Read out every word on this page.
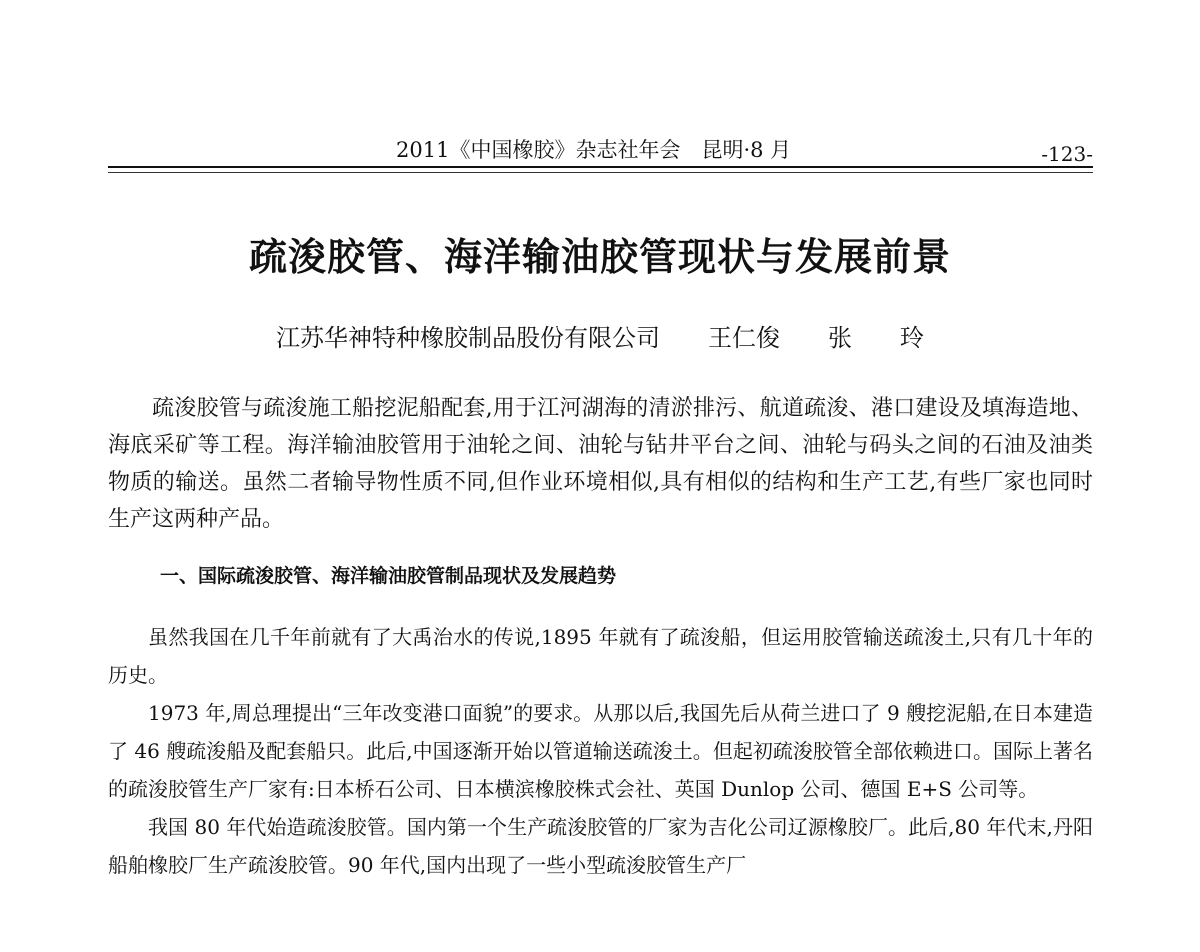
2011《中国橡胶》杂志社年会　昆明·8 月	-123-
疏浚胶管、海洋输油胶管现状与发展前景
江苏华神特种橡胶制品股份有限公司　　王仁俊　　张　　玲

疏浚胶管与疏浚施工船挖泥船配套,用于江河湖海的清淤排污、航道疏浚、港口建设及填海造地、海底采矿等工程。海洋输油胶管用于油轮之间、油轮与钻井平台之间、油轮与码头之间的石油及油类物质的输送。虽然二者输导物性质不同,但作业环境相似,具有相似的结构和生产工艺,有些厂家也同时生产这两种产品。

一、国际疏浚胶管、海洋输油胶管制品现状及发展趋势

虽然我国在几千年前就有了大禹治水的传说,1895 年就有了疏浚船，但运用胶管输送疏浚土,只有几十年的历史。

1973 年,周总理提出“三年改变港口面貌”的要求。从那以后,我国先后从荷兰进口了 9 艘挖泥船,在日本建造了 46 艘疏浚船及配套船只。此后,中国逐渐开始以管道输送疏浚土。但起初疏浚胶管全部依赖进口。国际上著名的疏浚胶管生产厂家有:日本桥石公司、日本横滨橡胶株式会社、英国 Dunlop 公司、德国 E+S 公司等。

我国 80 年代始造疏浚胶管。国内第一个生产疏浚胶管的厂家为吉化公司辽源橡胶厂。此后,80 年代末,丹阳船舶橡胶厂生产疏浚胶管。90 年代,国内出现了一些小型疏浚胶管生产厂
